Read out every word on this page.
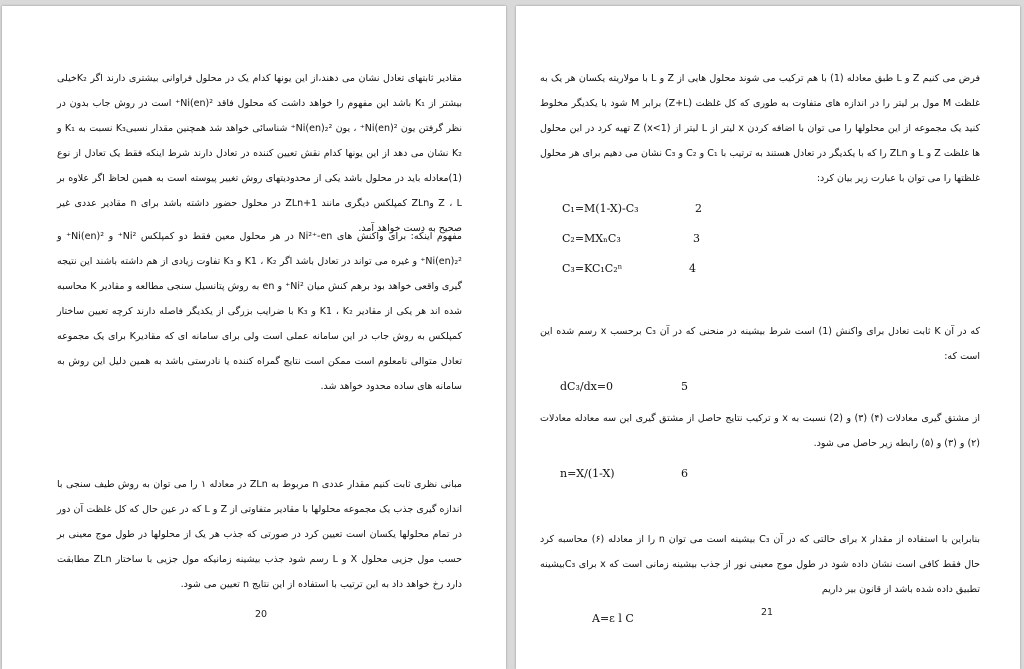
مقادیر ثابتهای تعادل نشان می دهند،از این یونها کدام یک در محلول فراوانی بیشتری دارند اگر K₂خیلی بیشتر از K₁ باشد این مفهوم را خواهد داشت که محلول فاقد Ni(en)²⁺ است در روش جاب بدون در نظر گرفتن یون Ni(en)²⁺ ، یون Ni(en)₂²⁺ شناسائی خواهد شد همچنین مقدار نسبیK₃ نسبت به K₁ و K₂ نشان می دهد از این یونها کدام نقش تعیین کننده در تعادل دارند شرط اینکه فقط یک تعادل از نوع (1)معادله باید در محلول باشد یکی از محدودیتهای روش تغییر پیوسته است به همین لحاظ اگر علاوه بر Z ، L وZLn کمپلکس دیگری مانند ZLn+1 در محلول حضور داشته باشد برای n مقادیر عددی غیر صحیح به دست خواهد آمد.
مفهوم اینکه: برای واکنش های Ni²⁺-en در هر محلول معین فقط دو کمپلکس Ni²⁺ و Ni(en)²⁺ و Ni(en)₂²⁺ و غیره می تواند در تعادل باشد اگر K1 ، K₂ و K₃ تفاوت زیادی از هم داشته باشند این نتیجه گیری واقعی خواهد بود برهم کنش میان Ni²⁺ و en به روش پتانسیل سنجی مطالعه و مقادیر K محاسبه شده اند هر یکی از مقادیر K1 ، K₂ و K₃ با ضرایب بزرگی از یکدیگر فاصله دارند کرچه تعیین ساختار کمپلکس به روش جاب در این سامانه عملی است ولی برای سامانه ای که مقادیرK برای یک مجموعه تعادل متوالی نامعلوم است ممکن است نتایج گمراه کننده یا نادرستی باشد به همین دلیل این روش به سامانه های ساده محدود خواهد شد.
مبانی نظری ثابت کنیم مقدار عددی n مربوط به ZLn در معادله ۱ را می توان به روش طیف سنجی با اندازه گیری جذب یک مجموعه محلولها با مقادیر متفاوتی از Z و L که در عین حال که کل غلظت آن دور در تمام محلولها یکسان است تعیین کرد در صورتی که جذب هر یک از محلولها در طول موج معینی بر حسب مول جزیی محلول X و L رسم شود جذب بیشینه زمانیکه مول جزیی با ساختار ZLn مطابقت دارد رخ خواهد داد به این ترتیب با استفاده از این نتایج n تعیین می شود.
20
فرض می کنیم Z و L طبق معادله (1) با هم ترکیب می شوند محلول هایی از Z و L با مولاریته یکسان هر یک به غلظت M مول بر لیتر را در اندازه های متفاوت به طوری که کل غلظت (Z+L) برابر M شود با یکدیگر مخلوط کنید یک مجموعه از این محلولها را می توان با اضافه کردن x لیتر از L لیتر از Z (x<1) تهیه کرد در این محلول ها غلظت Z و L و ZLn را که با یکدیگر در تعادل هستند به ترتیب با C₁ و C₂ و C₃ نشان می دهیم برای هر محلول غلظتها را می توان با عبارت زیر بیان کرد:
C₁=M(1-X)-C₃	2
C₂=MXₙC₃	3
C₃=KC₁C₂ⁿ	4
که در آن K ثابت تعادل برای واکنش (1) است شرط بیشینه در منحنی که در آن C₃ برحسب x رسم شده این است که:
dC₃/dx=0	5
از مشتق گیری معادلات (۴) (۳) و (2) نسبت به x و ترکیب نتایج حاصل از مشتق گیری این سه معادله معادلات (۲) و (۳) و (۵) رابطه زیر حاصل می شود.
n=X/(1-X)	6
بنابراین با استفاده از مقدار x برای حالتی که در آن C₃ بیشینه است می توان n را از معادله (۶) محاسبه کرد حال فقط کافی است نشان داده شود در طول موج معینی نور از جذب بیشینه زمانی است که x برای C₃بیشینه تطبیق داده شده باشد از قانون بیر داریم
21
A=ε l C
